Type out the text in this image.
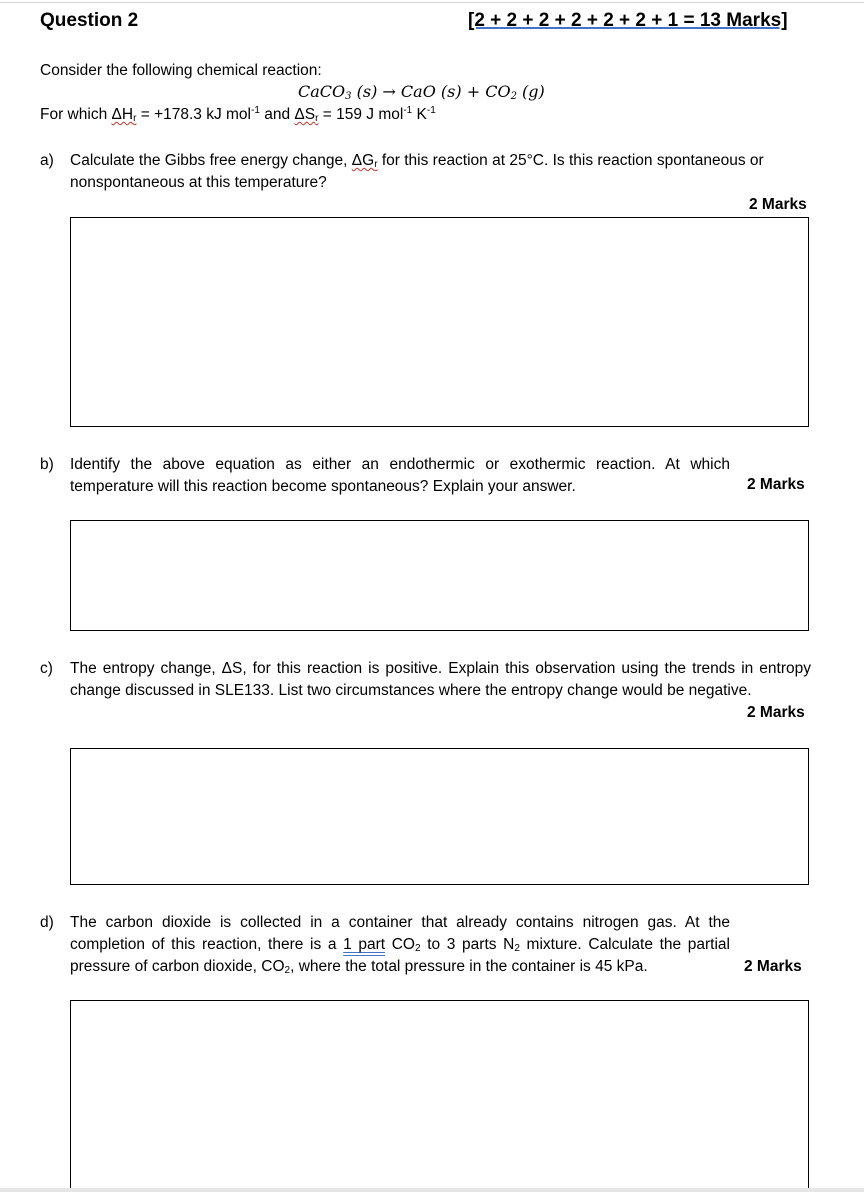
Question 2	[2 + 2 + 2 + 2 + 2 + 2 + 1 = 13 Marks]
Consider the following chemical reaction:
CaCO$_3$ (s) → CaO $(s) + CO_2$ (g)
For which $\Delta H_r = +178.3$ kJ mol$^{-1}$ and $\Delta S_r = 159$ J mol$^{-1}$ $K^{-1}$
a) Calculate the Gibbs free energy change, $\Delta G_r$ for this reaction at 25°C. Is this reaction spontaneous or nonspontaneous at this temperature?
2 Marks
b) Identify the above equation as either an endothermic or exothermic reaction. At which temperature will this reaction become spontaneous? Explain your answer.	2 Marks
c) The entropy change, ΔS, for this reaction is positive. Explain this observation using the trends in entropy change discussed in SLE133. List two circumstances where the entropy change would be negative.
2 Marks
d) The carbon dioxide is collected in a container that already contains nitrogen gas. At the completion of this reaction, there is a 1 part $CO_2$ to 3 parts $N_2$ mixture. Calculate the partial pressure of carbon dioxide, $CO_2$, where the total pressure in the container is 45 kPa.	2 Marks
